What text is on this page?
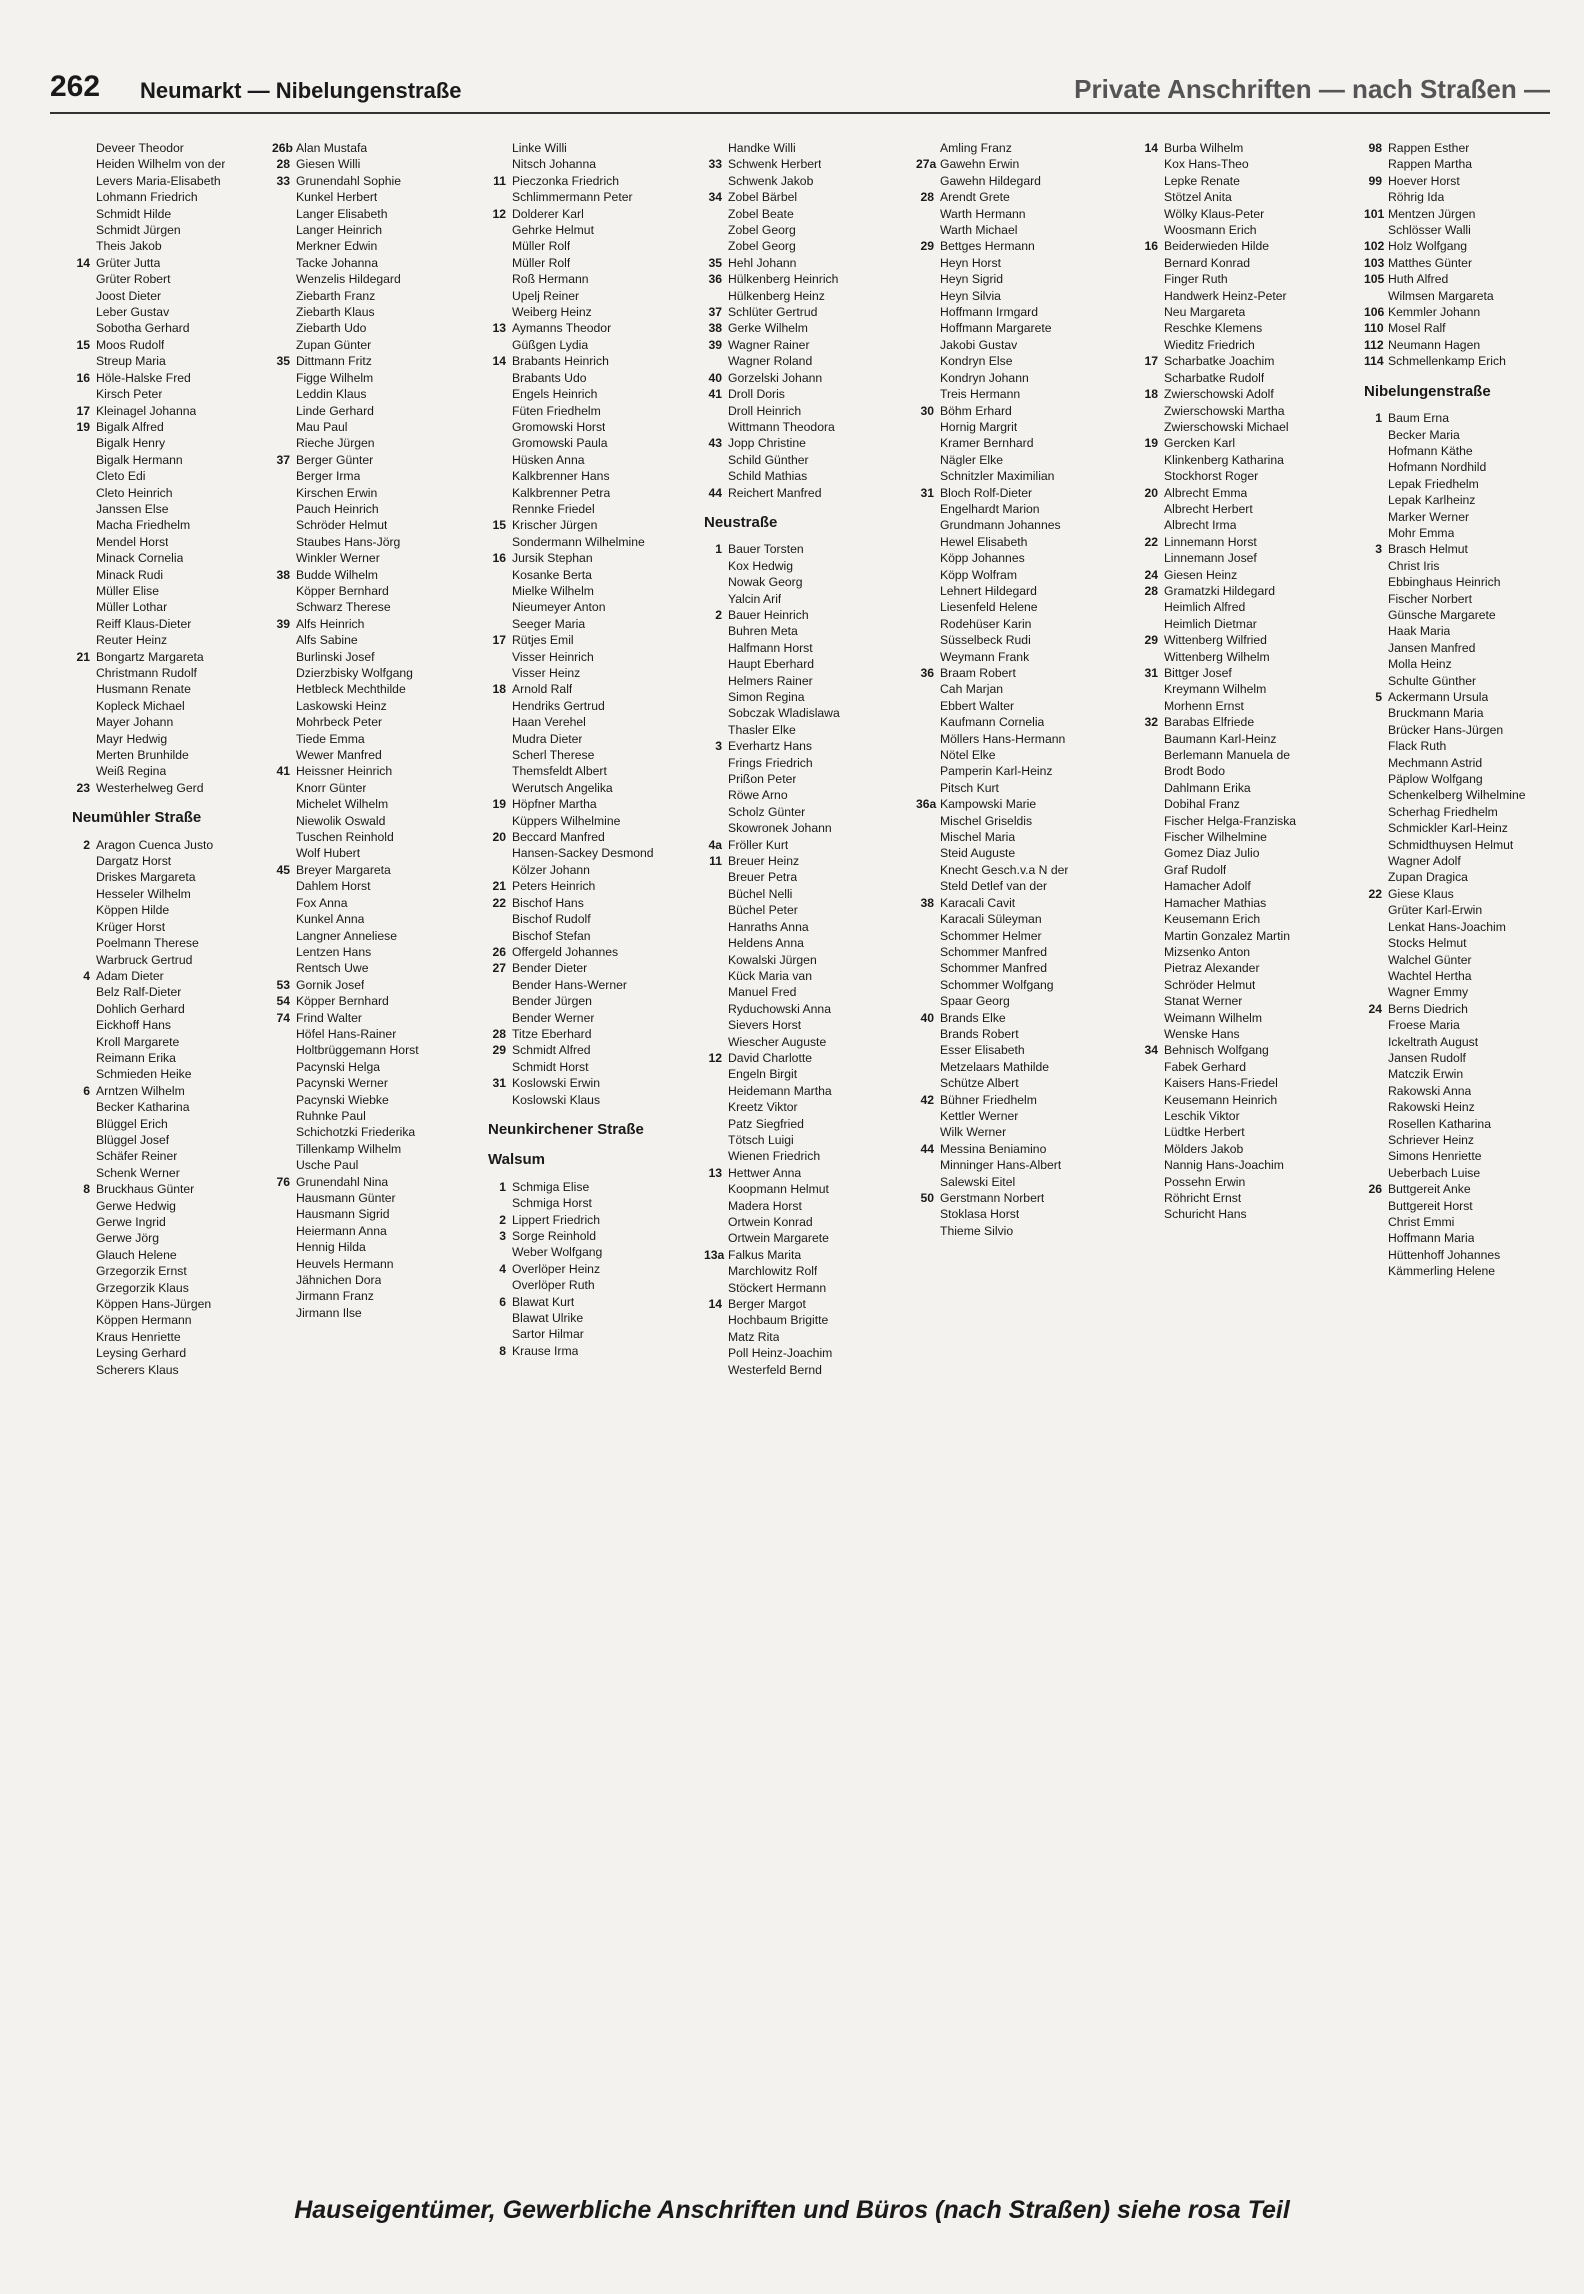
262 Neumarkt — Nibelungenstraße	Private Anschriften — nach Straßen —
Deveer Theodor
Heiden Wilhelm von der
Levers Maria-Elisabeth
Lohmann Friedrich
Schmidt Hilde
Schmidt Jürgen
Theis Jakob
14 Grüter Jutta
Grüter Robert
Joost Dieter
Leber Gustav
Sobotha Gerhard
15 Moos Rudolf
Streup Maria
16 Höle-Halske Fred
Kirsch Peter
17 Kleinagel Johanna
19 Bigalk Alfred
Bigalk Henry
Bigalk Hermann
Cleto Edi
Cleto Heinrich
Janssen Else
Macha Friedhelm
Mendel Horst
Minack Cornelia
Minack Rudi
Müller Elise
Müller Lothar
Reiff Klaus-Dieter
Reuter Heinz
21 Bongartz Margareta
Christmann Rudolf
Husmann Renate
Kopleck Michael
Mayer Johann
Mayr Hedwig
Merten Brunhilde
Weiß Regina
23 Westerhelweg Gerd
Neumühler Straße
2 Aragon Cuenca Justo
Dargatz Horst
Driskes Margareta
Hesseler Wilhelm
Köppen Hilde
Krüger Horst
Poelmann Therese
Warbruck Gertrud
4 Adam Dieter
Belz Ralf-Dieter
Dohlich Gerhard
Eickhoff Hans
Kroll Margarete
Reimann Erika
Schmieden Heike
6 Arntzen Wilhelm
Becker Katharina
Blüggel Erich
Blüggel Josef
Schäfer Reiner
Schenk Werner
8 Bruckhaus Günter
Gerwe Hedwig
Gerwe Ingrid
Gerwe Jörg
Glauch Helene
Grzegorzik Ernst
Grzegorzik Klaus
Köppen Hans-Jürgen
Köppen Hermann
Kraus Henriette
Leysing Gerhard
Scherers Klaus
26b Alan Mustafa
28 Giesen Willi
33 Grunendahl Sophie
Kunkel Herbert
Langer Elisabeth
Langer Heinrich
Merkner Edwin
Tacke Johanna
Wenzelis Hildegard
Ziebarth Franz
Ziebarth Klaus
Ziebarth Udo
Zupan Günter
35 Dittmann Fritz
Figge Wilhelm
Leddin Klaus
Linde Gerhard
Mau Paul
Rieche Jürgen
37 Berger Günter
Berger Irma
Kirschen Erwin
Pauch Heinrich
Schröder Helmut
Staubes Hans-Jörg
Winkler Werner
38 Budde Wilhelm
Köpper Bernhard
Schwarz Therese
39 Alfs Heinrich
Alfs Sabine
Burlinski Josef
Dzierzbisky Wolfgang
Hetbleck Mechthilde
Laskowski Heinz
Mohrbeck Peter
Tiede Emma
Wewer Manfred
41 Heissner Heinrich
Knorr Günter
Michelet Wilhelm
Niewolik Oswald
Tuschen Reinhold
Wolf Hubert
45 Breyer Margareta
Dahlem Horst
Fox Anna
Kunkel Anna
Langner Anneliese
Lentzen Hans
Rentsch Uwe
53 Gornik Josef
54 Köpper Bernhard
74 Frind Walter
Höfel Hans-Rainer
Holtbrüggemann Horst
Pacynski Helga
Pacynski Werner
Pacynski Wiebke
Ruhnke Paul
Schichotzki Friederika
Tillenkamp Wilhelm
Usche Paul
76 Grunendahl Nina
Hausmann Günter
Hausmann Sigrid
Heiermann Anna
Hennig Hilda
Heuvels Hermann
Jähnichen Dora
Jirmann Franz
Jirmann Ilse
Linke Willi
Nitsch Johanna
11 Pieczonka Friedrich
Schlimmermann Peter
12 Dolderer Karl
Gehrke Helmut
Müller Rolf
Müller Rolf
Roß Hermann
Upelj Reiner
Weiberg Heinz
13 Aymanns Theodor
Güßgen Lydia
14 Brabants Heinrich
Brabants Udo
Engels Heinrich
Füten Friedhelm
Gromowski Horst
Gromowski Paula
Hüsken Anna
Kalkbrenner Hans
Kalkbrenner Petra
Rennke Friedel
15 Krischer Jürgen
Sondermann Wilhelmine
16 Jursik Stephan
Kosanke Berta
Mielke Wilhelm
Nieumeyer Anton
Seeger Maria
17 Rütjes Emil
Visser Heinrich
Visser Heinz
18 Arnold Ralf
Hendriks Gertrud
Haan Verehel
Mudra Dieter
Scherl Therese
Themsfeldt Albert
Werutsch Angelika
19 Höpfner Martha
Küppers Wilhelmine
20 Beccard Manfred
Hansen-Sackey Desmond
Kölzer Johann
21 Peters Heinrich
22 Bischof Hans
Bischof Rudolf
Bischof Stefan
26 Offergeld Johannes
27 Bender Dieter
Bender Hans-Werner
Bender Jürgen
Bender Werner
28 Titze Eberhard
29 Schmidt Alfred
Schmidt Horst
31 Koslowski Erwin
Koslowski Klaus
Neunkirchener Straße
Walsum
1 Schmiga Elise
Schmiga Horst
2 Lippert Friedrich
3 Sorge Reinhold
Weber Wolfgang
4 Overlöper Heinz
Overlöper Ruth
6 Blawat Kurt
Blawat Ulrike
Sartor Hilmar
8 Krause Irma
Handke Willi
33 Schwenk Herbert
Schwenk Jakob
34 Zobel Bärbel
Zobel Beate
Zobel Georg
Zobel Georg
35 Hehl Johann
36 Hülkenberg Heinrich
Hülkenberg Heinz
37 Schlüter Gertrud
38 Gerke Wilhelm
39 Wagner Rainer
Wagner Roland
40 Gorzelski Johann
41 Droll Doris
Droll Heinrich
Wittmann Theodora
43 Jopp Christine
Schild Günther
Schild Mathias
44 Reichert Manfred
Neustraße
1 Bauer Torsten
Kox Hedwig
Nowak Georg
Yalcin Arif
2 Bauer Heinrich
Buhren Meta
Halfmann Horst
Haupt Eberhard
Helmers Rainer
Simon Regina
Sobczak Wladislawa
Thasler Elke
3 Everhartz Hans
Frings Friedrich
Prißon Peter
Röwe Arno
Scholz Günter
Skowronek Johann
4a Fröller Kurt
11 Breuer Heinz
Breuer Petra
Büchel Nelli
Büchel Peter
Hanraths Anna
Heldens Anna
Kowalski Jürgen
Kück Maria van
Manuel Fred
Ryduchowski Anna
Sievers Horst
Wiescher Auguste
12 David Charlotte
Engeln Birgit
Heidemann Martha
Kreetz Viktor
Patz Siegfried
Tötsch Luigi
Wienen Friedrich
13 Hettwer Anna
Koopmann Helmut
Madera Horst
Ortwein Konrad
Ortwein Margarete
13a Falkus Marita
Marchlowitz Rolf
Stöckert Hermann
14 Berger Margot
Hochbaum Brigitte
Matz Rita
Poll Heinz-Joachim
Westerfeld Bernd
Amling Franz
27a Gawehn Erwin
Gawehn Hildegard
28 Arendt Grete
Warth Hermann
Warth Michael
29 Bettges Hermann
Heyn Horst
Heyn Sigrid
Heyn Silvia
Hoffmann Irmgard
Hoffmann Margarete
Jakobi Gustav
Kondryn Else
Kondryn Johann
Treis Hermann
30 Böhm Erhard
Hornig Margrit
Kramer Bernhard
Nägler Elke
Schnitzler Maximilian
31 Bloch Rolf-Dieter
Engelhardt Marion
Grundmann Johannes
Hewel Elisabeth
Köpp Johannes
Köpp Wolfram
Lehnert Hildegard
Liesenfeld Helene
Rodehüser Karin
Süsselbeck Rudi
Weymann Frank
36 Braam Robert
Cah Marjan
Ebbert Walter
Kaufmann Cornelia
Möllers Hans-Hermann
Nötel Elke
Pamperin Karl-Heinz
Pitsch Kurt
36a Kampowski Marie
Mischel Griseldis
Mischel Maria
Steid Auguste
Knecht Gesch.v.a N der
Steld Detlef van der
38 Karacali Cavit
Karacali Süleyman
Schommer Helmer
Schommer Manfred
Schommer Manfred
Schommer Wolfgang
Spaar Georg
40 Brands Elke
Brands Robert
Esser Elisabeth
Metzelaars Mathilde
Schütze Albert
42 Bühner Friedhelm
Kettler Werner
Wilk Werner
44 Messina Beniamino
Minninger Hans-Albert
Salewski Eitel
50 Gerstmann Norbert
Stoklasa Horst
Thieme Silvio
14 Burba Wilhelm
Kox Hans-Theo
Lepke Renate
Stötzel Anita
Wölky Klaus-Peter
Woosmann Erich
16 Beiderwieden Hilde
Bernard Konrad
Finger Ruth
Handwerk Heinz-Peter
Neu Margareta
Reschke Klemens
Wieditz Friedrich
17 Scharbatke Joachim
Scharbatke Rudolf
18 Zwierschowski Adolf
Zwierschowski Martha
Zwierschowski Michael
19 Gercken Karl
Klinkenberg Katharina
Stockhorst Roger
20 Albrecht Emma
Albrecht Herbert
Albrecht Irma
22 Linnemann Horst
Linnemann Josef
24 Giesen Heinz
28 Gramatzki Hildegard
Heimlich Alfred
Heimlich Dietmar
29 Wittenberg Wilfried
Wittenberg Wilhelm
31 Bittger Josef
Kreymann Wilhelm
Morhenn Ernst
32 Barabas Elfriede
Baumann Karl-Heinz
Berlemann Manuela de
Brodt Bodo
Dahlmann Erika
Dobihal Franz
Fischer Helga-Franziska
Fischer Wilhelmine
Gomez Diaz Julio
Graf Rudolf
Hamacher Adolf
Hamacher Mathias
Keusemann Erich
Martin Gonzalez Martin
Mizsenko Anton
Pietraz Alexander
Schröder Helmut
Stanat Werner
Weimann Wilhelm
Wenske Hans
34 Behnisch Wolfgang
Fabek Gerhard
Kaisers Hans-Friedel
Keusemann Heinrich
Leschik Viktor
Lüdtke Herbert
Mölders Jakob
Nannig Hans-Joachim
Possehn Erwin
Röhricht Ernst
Schuricht Hans
98 Rappen Esther
Rappen Martha
99 Hoever Horst
Röhrig Ida
101 Mentzen Jürgen
Schlösser Walli
102 Holz Wolfgang
103 Matthes Günter
105 Huth Alfred
Wilmsen Margareta
106 Kemmler Johann
110 Mosel Ralf
112 Neumann Hagen
114 Schmellenkamp Erich
Nibelungenstraße
1 Baum Erna
Becker Maria
Hofmann Käthe
Hofmann Nordhild
Lepak Friedhelm
Lepak Karlheinz
Marker Werner
Mohr Emma
3 Brasch Helmut
Christ Iris
Ebbinghaus Heinrich
Fischer Norbert
Günsche Margarete
Haak Maria
Jansen Manfred
Molla Heinz
Schulte Günther
5 Ackermann Ursula
Bruckmann Maria
Brücker Hans-Jürgen
Flack Ruth
Mechmann Astrid
Päplow Wolfgang
Schenkelberg Wilhelmine
Scherhag Friedhelm
Schmickler Karl-Heinz
Schmidthuysen Helmut
Wagner Adolf
Zupan Dragica
22 Giese Klaus
Grüter Karl-Erwin
Lenkat Hans-Joachim
Stocks Helmut
Walchel Günter
Wachtel Hertha
Wagner Emmy
24 Berns Diedrich
Froese Maria
Ickeltrath August
Jansen Rudolf
Matczik Erwin
Rakowski Anna
Rakowski Heinz
Rosellen Katharina
Schriever Heinz
Simons Henriette
Ueberbach Luise
26 Buttgereit Anke
Buttgereit Horst
Christ Emmi
Hoffmann Maria
Hüttenhoff Johannes
Kämmerling Helene
Hauseigentümer, Gewerbliche Anschriften und Büros (nach Straßen) siehe rosa Teil
